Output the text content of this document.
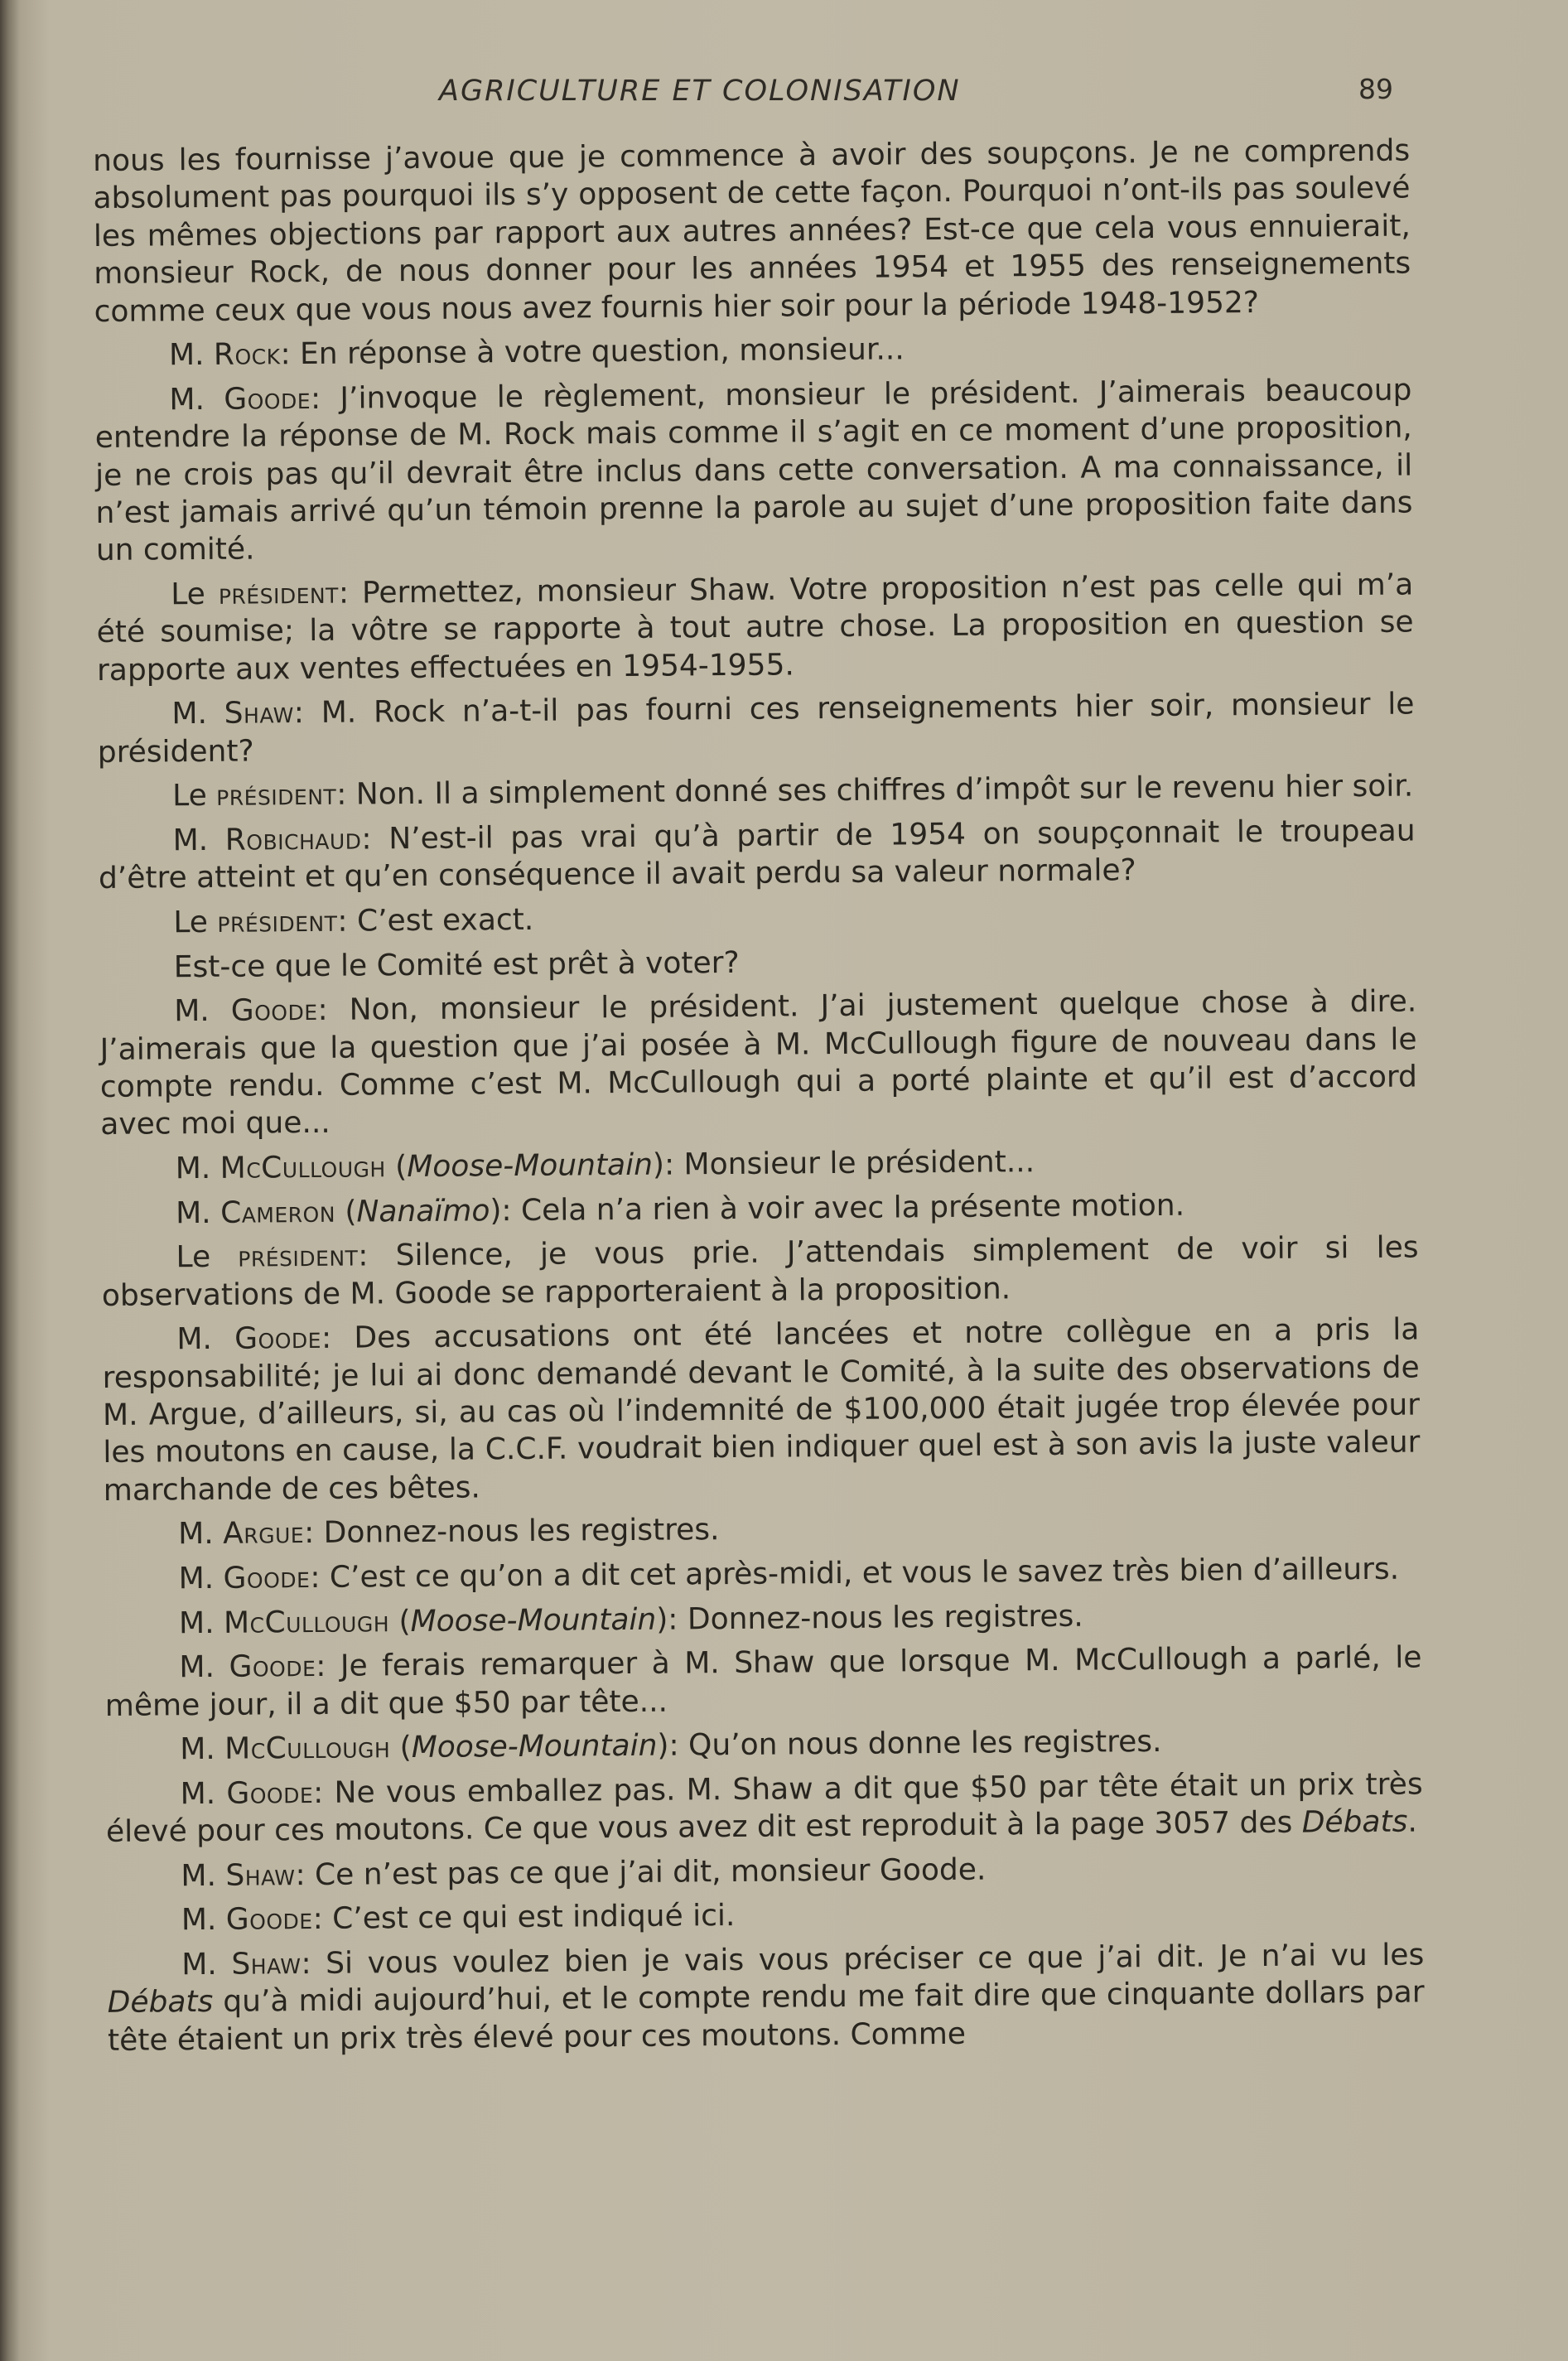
AGRICULTURE ET COLONISATION	89

nous les fournisse j’avoue que je commence à avoir des soupçons. Je ne comprends absolument pas pourquoi ils s’y opposent de cette façon. Pourquoi n’ont-ils pas soulevé les mêmes objections par rapport aux autres années? Est-ce que cela vous ennuierait, monsieur Rock, de nous donner pour les années 1954 et 1955 des renseignements comme ceux que vous nous avez fournis hier soir pour la période 1948-1952?

M. Rock: En réponse à votre question, monsieur...

M. Goode: J’invoque le règlement, monsieur le président. J’aimerais beaucoup entendre la réponse de M. Rock mais comme il s’agit en ce moment d’une proposition, je ne crois pas qu’il devrait être inclus dans cette conversation. A ma connaissance, il n’est jamais arrivé qu’un témoin prenne la parole au sujet d’une proposition faite dans un comité.

Le président: Permettez, monsieur Shaw. Votre proposition n’est pas celle qui m’a été soumise; la vôtre se rapporte à tout autre chose. La proposition en question se rapporte aux ventes effectuées en 1954-1955.

M. Shaw: M. Rock n’a-t-il pas fourni ces renseignements hier soir, monsieur le président?

Le président: Non. Il a simplement donné ses chiffres d’impôt sur le revenu hier soir.

M. Robichaud: N’est-il pas vrai qu’à partir de 1954 on soupçonnait le troupeau d’être atteint et qu’en conséquence il avait perdu sa valeur normale?

Le président: C’est exact.

Est-ce que le Comité est prêt à voter?

M. Goode: Non, monsieur le président. J’ai justement quelque chose à dire. J’aimerais que la question que j’ai posée à M. McCullough figure de nouveau dans le compte rendu. Comme c’est M. McCullough qui a porté plainte et qu’il est d’accord avec moi que...

M. McCullough (Moose-Mountain): Monsieur le président...

M. Cameron (Nanaïmo): Cela n’a rien à voir avec la présente motion.

Le président: Silence, je vous prie. J’attendais simplement de voir si les observations de M. Goode se rapporteraient à la proposition.

M. Goode: Des accusations ont été lancées et notre collègue en a pris la responsabilité; je lui ai donc demandé devant le Comité, à la suite des observations de M. Argue, d’ailleurs, si, au cas où l’indemnité de $100,000 était jugée trop élevée pour les moutons en cause, la C.C.F. voudrait bien indiquer quel est à son avis la juste valeur marchande de ces bêtes.

M. Argue: Donnez-nous les registres.

M. Goode: C’est ce qu’on a dit cet après-midi, et vous le savez très bien d’ailleurs.

M. McCullough (Moose-Mountain): Donnez-nous les registres.

M. Goode: Je ferais remarquer à M. Shaw que lorsque M. McCullough a parlé, le même jour, il a dit que $50 par tête...

M. McCullough (Moose-Mountain): Qu’on nous donne les registres.

M. Goode: Ne vous emballez pas. M. Shaw a dit que $50 par tête était un prix très élevé pour ces moutons. Ce que vous avez dit est reproduit à la page 3057 des Débats.

M. Shaw: Ce n’est pas ce que j’ai dit, monsieur Goode.

M. Goode: C’est ce qui est indiqué ici.

M. Shaw: Si vous voulez bien je vais vous préciser ce que j’ai dit. Je n’ai vu les Débats qu’à midi aujourd’hui, et le compte rendu me fait dire que cinquante dollars par tête étaient un prix très élevé pour ces moutons. Comme
